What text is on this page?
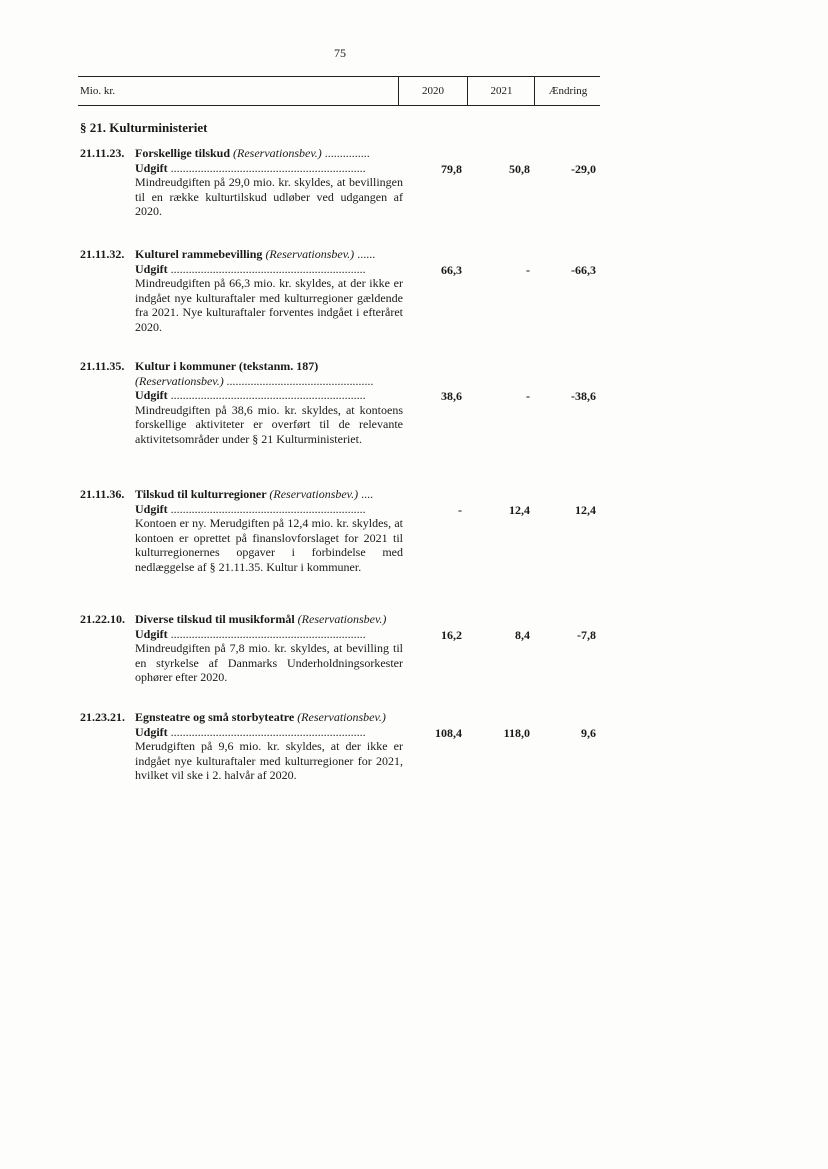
75
Mio. kr.	2020	2021	Ændring
§ 21. Kulturministeriet
21.11.23. Forskellige tilskud (Reservationsbev.) ...............
Udgift .................................................................
Mindreudgiften på 29,0 mio. kr. skyldes, at bevillingen til en række kulturtilskud udløber ved udgangen af 2020.
79,8	50,8	-29,0
21.11.32. Kulturel rammebevilling (Reservationsbev.) ......
Udgift .................................................................
Mindreudgiften på 66,3 mio. kr. skyldes, at der ikke er indgået nye kulturaftaler med kulturregioner gældende fra 2021. Nye kulturaftaler forventes indgået i efteråret 2020.
66,3	-	-66,3
21.11.35. Kultur i kommuner (tekstanm. 187)
(Reservationsbev.) .................................................
Udgift .................................................................
Mindreudgiften på 38,6 mio. kr. skyldes, at kontoens forskellige aktiviteter er overført til de relevante aktivitetsområder under § 21 Kulturministeriet.
38,6	-	-38,6
21.11.36. Tilskud til kulturregioner (Reservationsbev.) ....
Udgift .................................................................
Kontoen er ny. Merudgiften på 12,4 mio. kr. skyldes, at kontoen er oprettet på finanslovforslaget for 2021 til kulturregionernes opgaver i forbindelse med nedlæggelse af § 21.11.35. Kultur i kommuner.
-	12,4	12,4
21.22.10. Diverse tilskud til musikformål (Reservationsbev.)
Udgift .................................................................
Mindreudgiften på 7,8 mio. kr. skyldes, at bevilling til en styrkelse af Danmarks Underholdningsorkester ophører efter 2020.
16,2	8,4	-7,8
21.23.21. Egnsteatre og små storbyteatre (Reservationsbev.)
Udgift .................................................................
Merudgiften på 9,6 mio. kr. skyldes, at der ikke er indgået nye kulturaftaler med kulturregioner for 2021, hvilket vil ske i 2. halvår af 2020.
108,4	118,0	9,6
